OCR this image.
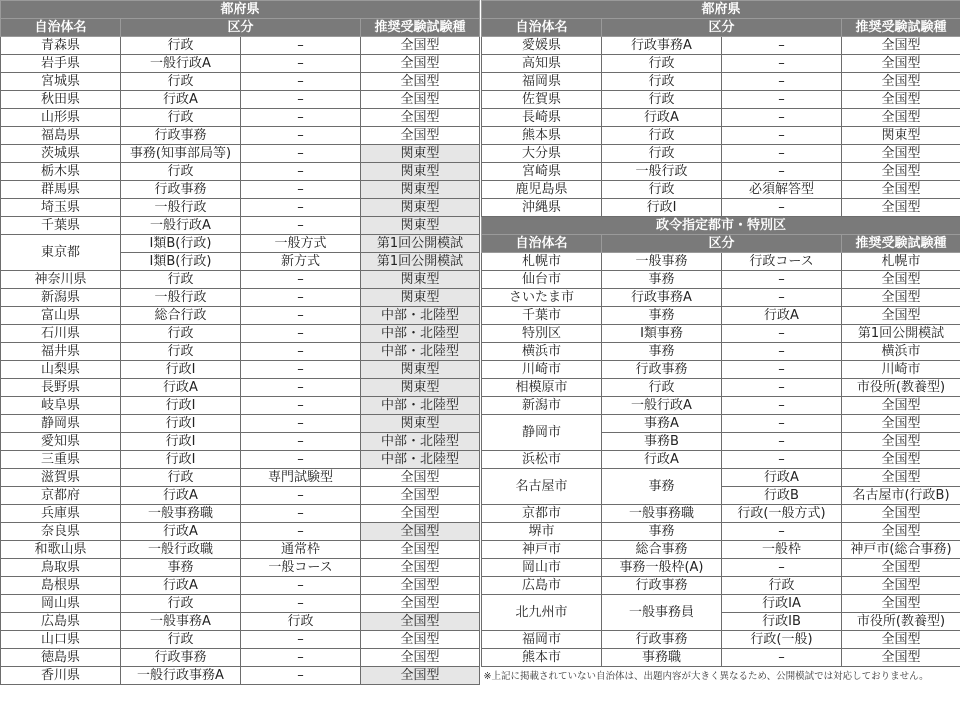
都府県			
自治体名	区分		推奨受験試験種
青森県	行政	–	全国型
岩手県	一般行政A	–	全国型
宮城県	行政	–	全国型
秋田県	行政A	–	全国型
山形県	行政	–	全国型
福島県	行政事務	–	全国型
茨城県	事務(知事部局等)	–	関東型
栃木県	行政	–	関東型
群馬県	行政事務	–	関東型
埼玉県	一般行政	–	関東型
千葉県	一般行政A	–	関東型
東京都	Ⅰ類B(行政)	一般方式	第1回公開模試
	Ⅰ類B(行政)	新方式	第1回公開模試
神奈川県	行政	–	関東型
新潟県	一般行政	–	関東型
富山県	総合行政	–	中部・北陸型
石川県	行政	–	中部・北陸型
福井県	行政	–	中部・北陸型
山梨県	行政Ⅰ	–	関東型
長野県	行政A	–	関東型
岐阜県	行政Ⅰ	–	中部・北陸型
静岡県	行政Ⅰ	–	関東型
愛知県	行政Ⅰ	–	中部・北陸型
三重県	行政Ⅰ	–	中部・北陸型
滋賀県	行政	専門試験型	全国型
京都府	行政A	–	全国型
兵庫県	一般事務職	–	全国型
奈良県	行政A	–	全国型
和歌山県	一般行政職	通常枠	全国型
鳥取県	事務	一般コース	全国型
島根県	行政A	–	全国型
岡山県	行政	–	全国型
広島県	一般事務A	行政	全国型
山口県	行政	–	全国型
徳島県	行政事務	–	全国型
香川県	一般行政事務A	–	全国型
都府県			
自治体名	区分		推奨受験試験種
愛媛県	行政事務A	–	全国型
高知県	行政	–	全国型
福岡県	行政	–	全国型
佐賀県	行政	–	全国型
長崎県	行政A	–	全国型
熊本県	行政	–	関東型
大分県	行政	–	全国型
宮崎県	一般行政	–	全国型
鹿児島県	行政	必須解答型	全国型
沖縄県	行政Ⅰ	–	全国型
政令指定都市・特別区			
自治体名	区分		推奨受験試験種
札幌市	一般事務	行政コース	札幌市
仙台市	事務	–	全国型
さいたま市	行政事務A	–	全国型
千葉市	事務	行政A	全国型
特別区	Ⅰ類事務	–	第1回公開模試
横浜市	事務	–	横浜市
川崎市	行政事務	–	川崎市
相模原市	行政	–	市役所(教養型)
新潟市	一般行政A	–	全国型
静岡市	事務A	–	全国型
	事務B	–	全国型
浜松市	行政A	–	全国型
名古屋市	事務	行政A	全国型
		行政B	名古屋市(行政B)
京都市	一般事務職	行政(一般方式)	全国型
堺市	事務	–	全国型
神戸市	総合事務	一般枠	神戸市(総合事務)
岡山市	事務一般枠(A)	–	全国型
広島市	行政事務	行政	全国型
北九州市	一般事務員	行政ⅠA	全国型
		行政ⅠB	市役所(教養型)
福岡市	行政事務	行政(一般)	全国型
熊本市	事務職	–	全国型
※上記に掲載されていない自治体は、出題内容が大きく異なるため、公開模試では対応しておりません。			
